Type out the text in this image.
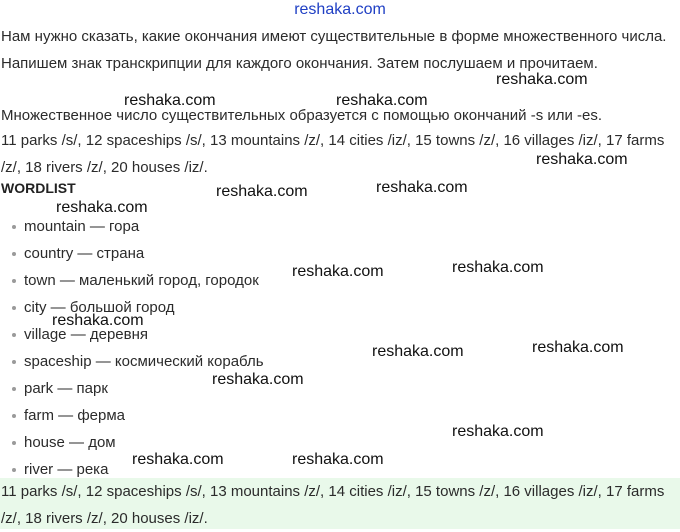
reshaka.com
Нам нужно сказать, какие окончания имеют существительные в форме множественного числа. Напишем знак транскрипции для каждого окончания. Затем послушаем и прочитаем.
Множественное число существительных образуется с помощью окончаний -s или -es.
11 parks /s/, 12 spaceships /s/, 13 mountains /z/, 14 cities /iz/, 15 towns /z/, 16 villages /iz/, 17 farms /z/, 18 rivers /z/, 20 houses /iz/.
WORDLIST
mountain — гора
country — страна
town — маленький город, городок
city — большой город
village — деревня
spaceship — космический корабль
park — парк
farm — ферма
house — дом
river — река
11 parks /s/, 12 spaceships /s/, 13 mountains /z/, 14 cities /iz/, 15 towns /z/, 16 villages /iz/, 17 farms /z/, 18 rivers /z/, 20 houses /iz/.
reshaka.com
reshaka.com	reshaka.com
reshaka.com
reshaka.com	reshaka.com
reshaka.com
reshaka.com	reshaka.com
reshaka.com
reshaka.com	reshaka.com
reshaka.com
reshaka.com
reshaka.com	reshaka.com
